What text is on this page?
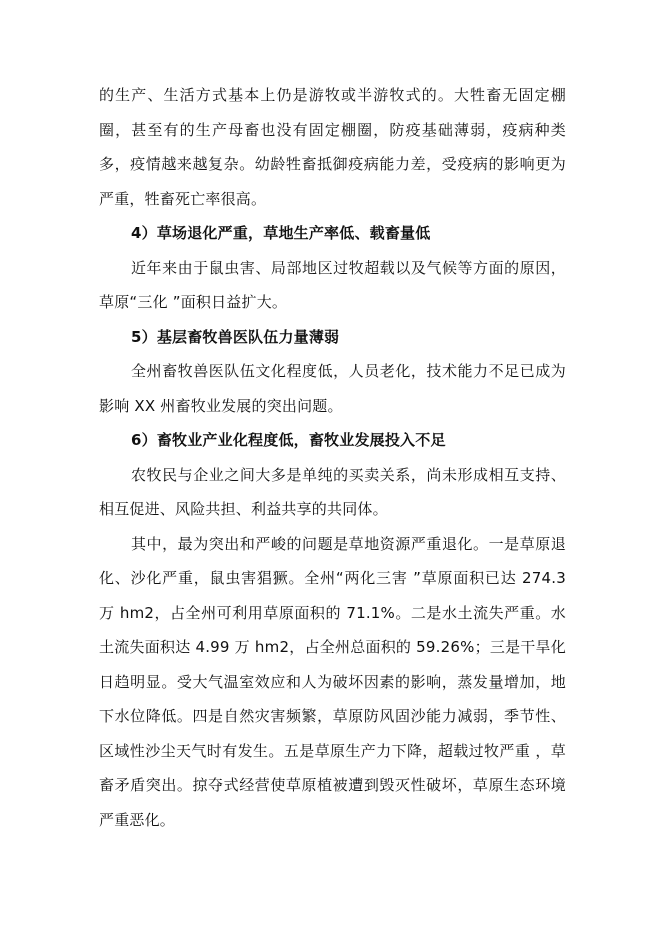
的生产、生活方式基本上仍是游牧或半游牧式的。大牲畜无固定棚圈，甚至有的生产母畜也没有固定棚圈，防疫基础薄弱，疫病种类多，疫情越来越复杂。幼龄牲畜抵御疫病能力差，受疫病的影响更为严重，牲畜死亡率很高。

4）草场退化严重，草地生产率低、载畜量低

近年来由于鼠虫害、局部地区过牧超载以及气候等方面的原因，草原“三化 ”面积日益扩大。

5）基层畜牧兽医队伍力量薄弱

全州畜牧兽医队伍文化程度低，人员老化，技术能力不足已成为影响 XX 州畜牧业发展的突出问题。

6）畜牧业产业化程度低，畜牧业发展投入不足

农牧民与企业之间大多是单纯的买卖关系，尚未形成相互支持、相互促进、风险共担、利益共享的共同体。

其中，最为突出和严峻的问题是草地资源严重退化。一是草原退化、沙化严重，鼠虫害猖獗。全州“两化三害 ”草原面积已达 274.3 万 hm2，占全州可利用草原面积的 71.1%。二是水土流失严重。水土流失面积达 4.99 万 hm2，占全州总面积的 59.26%；三是干旱化日趋明显。受大气温室效应和人为破坏因素的影响，蒸发量增加，地下水位降低。四是自然灾害频繁，草原防风固沙能力减弱，季节性、区域性沙尘天气时有发生。五是草原生产力下降，超载过牧严重 ，草畜矛盾突出。掠夺式经营使草原植被遭到毁灭性破坏，草原生态环境严重恶化。
